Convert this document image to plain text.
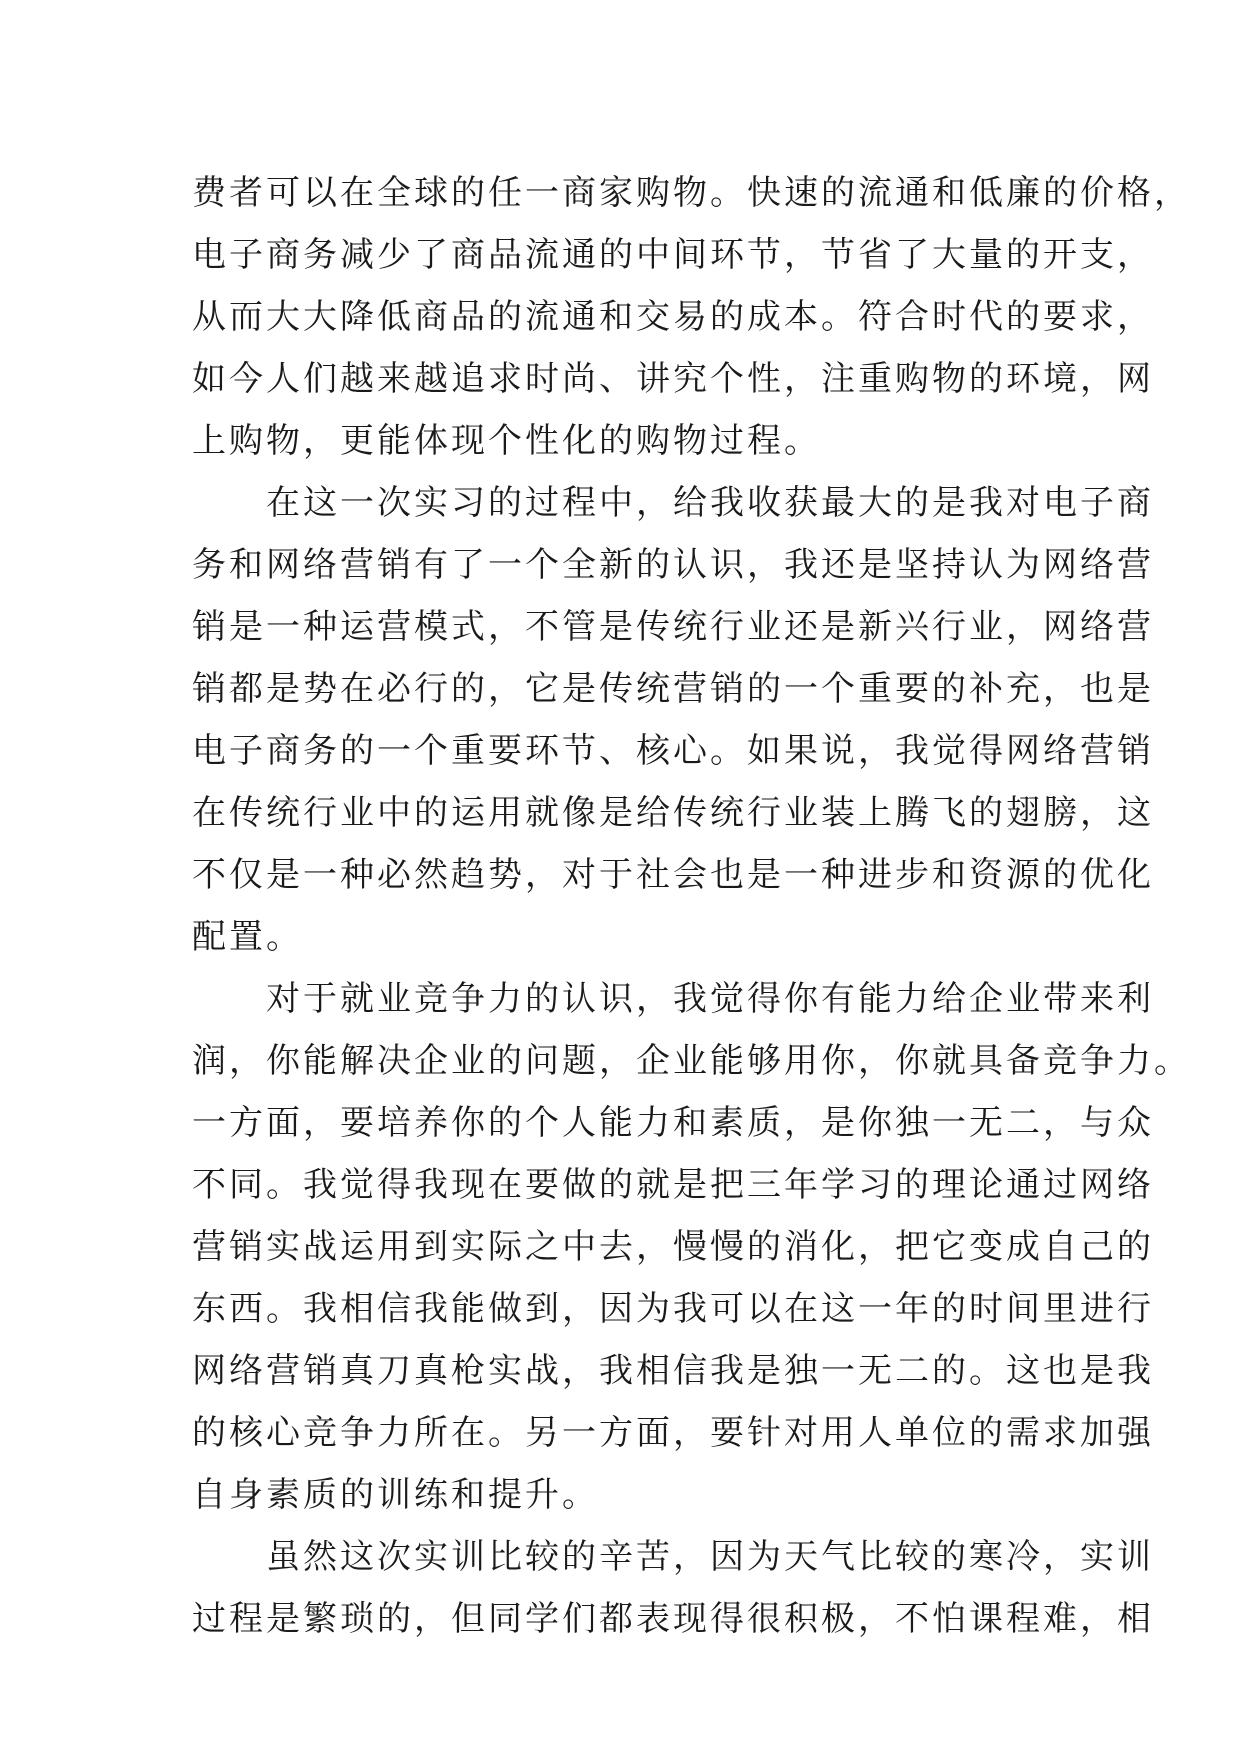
费者可以在全球的任一商家购物。快速的流通和低廉的价格，
电子商务减少了商品流通的中间环节，节省了大量的开支，
从而大大降低商品的流通和交易的成本。符合时代的要求，
如今人们越来越追求时尚、讲究个性，注重购物的环境，网
上购物，更能体现个性化的购物过程。
　　在这一次实习的过程中，给我收获最大的是我对电子商
务和网络营销有了一个全新的认识，我还是坚持认为网络营
销是一种运营模式，不管是传统行业还是新兴行业，网络营
销都是势在必行的，它是传统营销的一个重要的补充，也是
电子商务的一个重要环节、核心。如果说，我觉得网络营销
在传统行业中的运用就像是给传统行业装上腾飞的翅膀，这
不仅是一种必然趋势，对于社会也是一种进步和资源的优化
配置。
　　对于就业竞争力的认识，我觉得你有能力给企业带来利
润，你能解决企业的问题，企业能够用你，你就具备竞争力。
一方面，要培养你的个人能力和素质，是你独一无二，与众
不同。我觉得我现在要做的就是把三年学习的理论通过网络
营销实战运用到实际之中去，慢慢的消化，把它变成自己的
东西。我相信我能做到，因为我可以在这一年的时间里进行
网络营销真刀真枪实战，我相信我是独一无二的。这也是我
的核心竞争力所在。另一方面，要针对用人单位的需求加强
自身素质的训练和提升。
　　虽然这次实训比较的辛苦，因为天气比较的寒冷，实训
过程是繁琐的，但同学们都表现得很积极，不怕课程难，相
